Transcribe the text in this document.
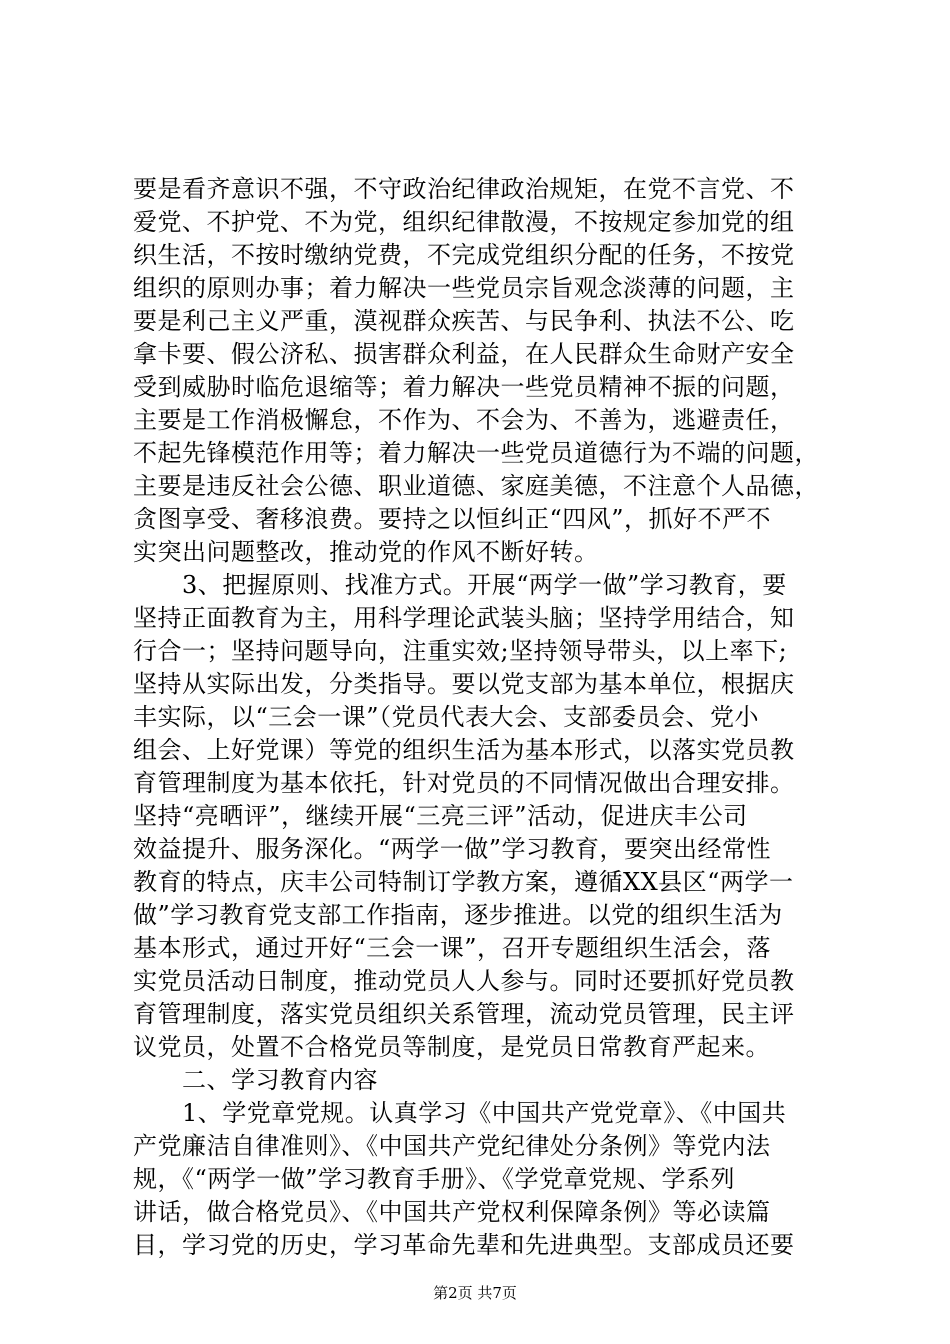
要是看齐意识不强，不守政治纪律政治规矩，在党不言党、不
爱党、不护党、不为党，组织纪律散漫，不按规定参加党的组
织生活，不按时缴纳党费，不完成党组织分配的任务，不按党
组织的原则办事；着力解决一些党员宗旨观念淡薄的问题，主
要是利己主义严重，漠视群众疾苦、与民争利、执法不公、吃
拿卡要、假公济私、损害群众利益，在人民群众生命财产安全
受到威胁时临危退缩等；着力解决一些党员精神不振的问题，
主要是工作消极懈怠，不作为、不会为、不善为，逃避责任，
不起先锋模范作用等；着力解决一些党员道德行为不端的问题，
主要是违反社会公德、职业道德、家庭美德，不注意个人品德，
贪图享受、奢移浪费。要持之以恒纠正“四风”，抓好不严不
实突出问题整改，推动党的作风不断好转。
　　3、把握原则、找准方式。开展“两学一做”学习教育，要
坚持正面教育为主，用科学理论武装头脑；坚持学用结合，知
行合一；坚持问题导向，注重实效;坚持领导带头，以上率下;
坚持从实际出发，分类指导。要以党支部为基本单位，根据庆
丰实际，以“三会一课”（党员代表大会、支部委员会、党小
组会、上好党课）等党的组织生活为基本形式，以落实党员教
育管理制度为基本依托，针对党员的不同情况做出合理安排。
坚持“亮晒评”，继续开展“三亮三评”活动，促进庆丰公司
效益提升、服务深化。“两学一做”学习教育，要突出经常性
教育的特点，庆丰公司特制订学教方案，遵循XX县区“两学一
做”学习教育党支部工作指南，逐步推进。以党的组织生活为
基本形式，通过开好“三会一课”，召开专题组织生活会，落
实党员活动日制度，推动党员人人参与。同时还要抓好党员教
育管理制度，落实党员组织关系管理，流动党员管理，民主评
议党员，处置不合格党员等制度，是党员日常教育严起来。
　　二、学习教育内容
　　1、学党章党规。认真学习《中国共产党党章》、《中国共
产党廉洁自律准则》、《中国共产党纪律处分条例》等党内法
规，《“两学一做”学习教育手册》、《学党章党规、学系列
讲话，做合格党员》、《中国共产党权利保障条例》等必读篇
目，学习党的历史，学习革命先辈和先进典型。支部成员还要
第2页 共7页
